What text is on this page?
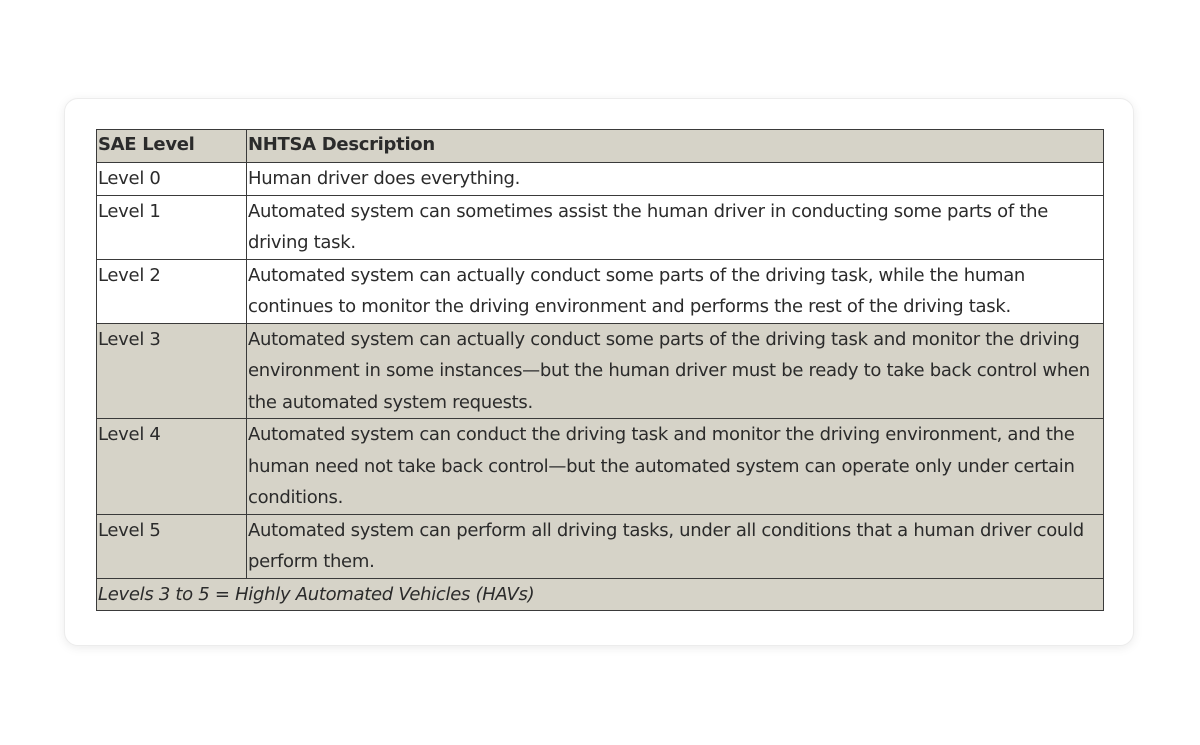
SAE Level	NHTSA Description
Level 0	Human driver does everything.
Level 1	Automated system can sometimes assist the human driver in conducting some parts of the driving task.
Level 2	Automated system can actually conduct some parts of the driving task, while the human continues to monitor the driving environment and performs the rest of the driving task.
Level 3	Automated system can actually conduct some parts of the driving task and monitor the driving environment in some instances—but the human driver must be ready to take back control when the automated system requests.
Level 4	Automated system can conduct the driving task and monitor the driving environment, and the human need not take back control—but the automated system can operate only under certain conditions.
Level 5	Automated system can perform all driving tasks, under all conditions that a human driver could perform them.
Levels 3 to 5 = Highly Automated Vehicles (HAVs)	
